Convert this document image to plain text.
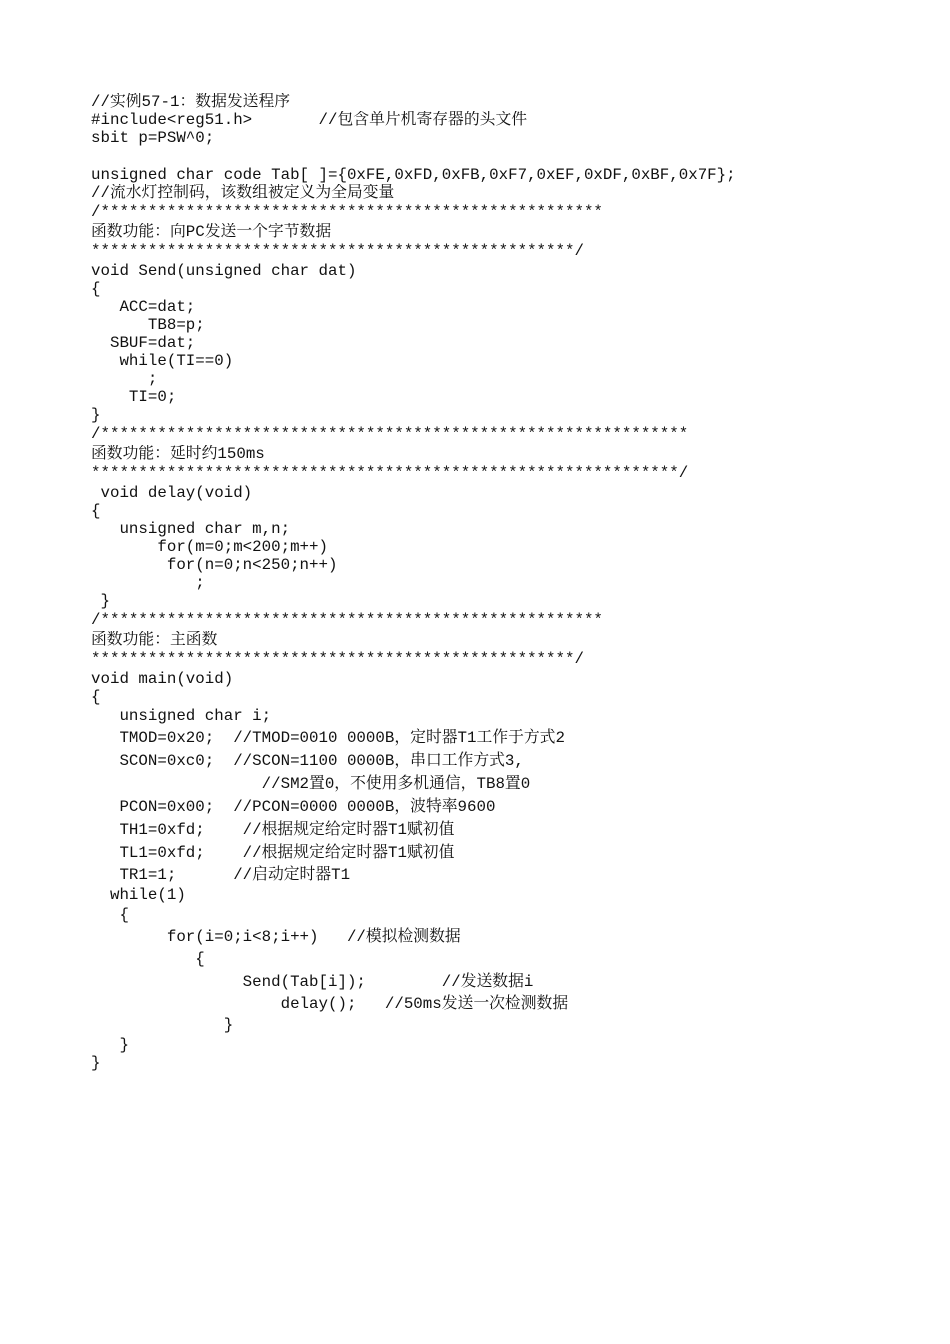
//实例57-1：数据发送程序
#include<reg51.h>       //包含单片机寄存器的头文件
sbit p=PSW^0;
unsigned char code Tab[ ]={0xFE,0xFD,0xFB,0xF7,0xEF,0xDF,0xBF,0x7F};
//流水灯控制码，该数组被定义为全局变量
/*****************************************************
函数功能：向PC发送一个字节数据
***************************************************/
void Send(unsigned char dat)
{
ACC=dat;
TB8=p;
SBUF=dat;
while(TI==0)
;
TI=0;
}
/**************************************************************
函数功能：延时约150ms
**************************************************************/
void delay(void)
{
unsigned char m,n;
for(m=0;m<200;m++)
for(n=0;n<250;n++)
;
}
/*****************************************************
函数功能：主函数
***************************************************/
void main(void)
{
unsigned char i;
TMOD=0x20;  //TMOD=0010 0000B，定时器T1工作于方式2
SCON=0xc0;  //SCON=1100 0000B，串口工作方式3,
//SM2置0，不使用多机通信，TB8置0
PCON=0x00;  //PCON=0000 0000B，波特率9600
TH1=0xfd;    //根据规定给定时器T1赋初值
TL1=0xfd;    //根据规定给定时器T1赋初值
TR1=1;      //启动定时器T1
while(1)
{
for(i=0;i<8;i++)   //模拟检测数据
{
Send(Tab[i]);        //发送数据i
delay();   //50ms发送一次检测数据
}
}
}
